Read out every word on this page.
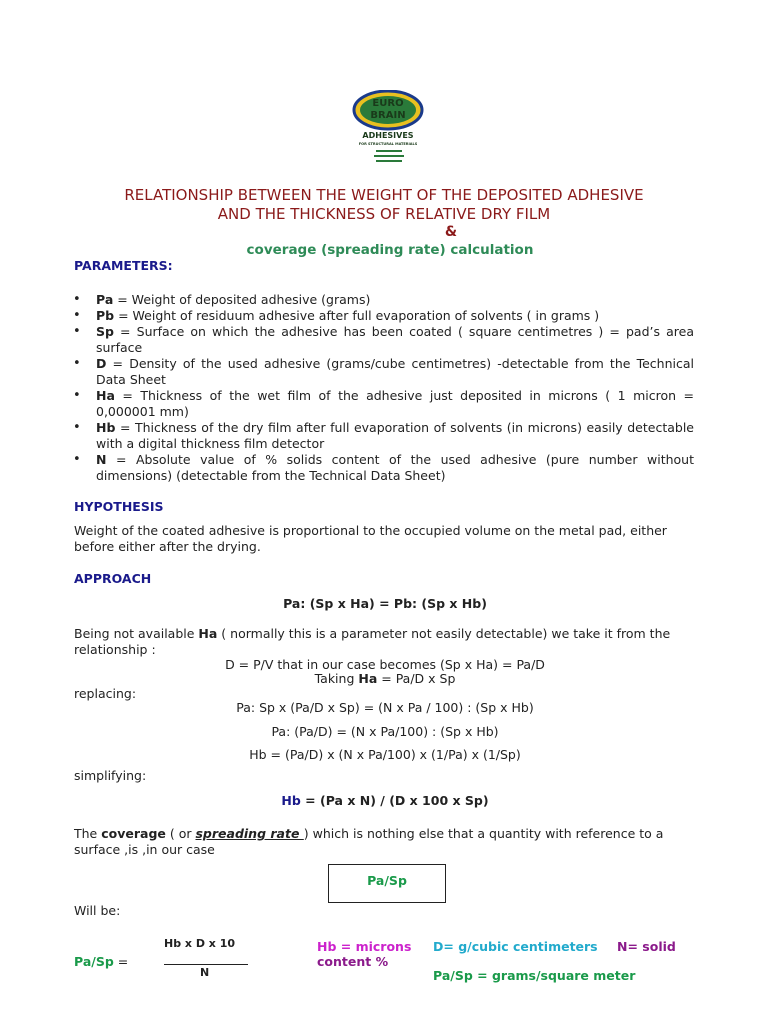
EURO
BRAIN
ADHESIVES
FOR STRUCTURAL MATERIALS
RELATIONSHIP BETWEEN THE WEIGHT OF THE DEPOSITED ADHESIVE
AND THE THICKNESS OF RELATIVE DRY FILM
&
coverage (spreading rate) calculation
PARAMETERS:
• Pa = Weight of deposited adhesive (grams)
• Pb = Weight of residuum adhesive after full evaporation of solvents ( in grams )
• Sp = Surface on which the adhesive has been coated ( square centimetres ) = pad’s area surface
• D = Density of the used adhesive (grams/cube centimetres) -detectable from the Technical Data Sheet
• Ha = Thickness of the wet film of the adhesive just deposited in microns ( 1 micron = 0,000001 mm)
• Hb = Thickness of the dry film after full evaporation of solvents (in microns) easily detectable with a digital thickness film detector
• N = Absolute value of % solids content of the used adhesive (pure number without dimensions) (detectable from the Technical Data Sheet)
HYPOTHESIS
Weight of the coated adhesive is proportional to the occupied volume on the metal pad, either before either after the drying.
APPROACH
Pa: (Sp x Ha) = Pb: (Sp x Hb)
Being not available Ha ( normally this is a parameter not easily detectable) we take it from the relationship :
D = P/V that in our case becomes (Sp x Ha) = Pa/D
Taking Ha = Pa/D x Sp
replacing:
Pa: Sp x (Pa/D x Sp) = (N x Pa / 100) : (Sp x Hb)
Pa: (Pa/D) = (N x Pa/100) : (Sp x Hb)
Hb = (Pa/D) x (N x Pa/100) x (1/Pa) x (1/Sp)
simplifying:
Hb = (Pa x N) / (D x 100 x Sp)
The coverage ( or spreading rate ) which is nothing else that a quantity with reference to a surface ,is ,in our case
Pa/Sp
Will be:
Pa/Sp =
Hb x D x 10
N
Hb = microns D= g/cubic centimeters N= solid
content %
Pa/Sp = grams/square meter
